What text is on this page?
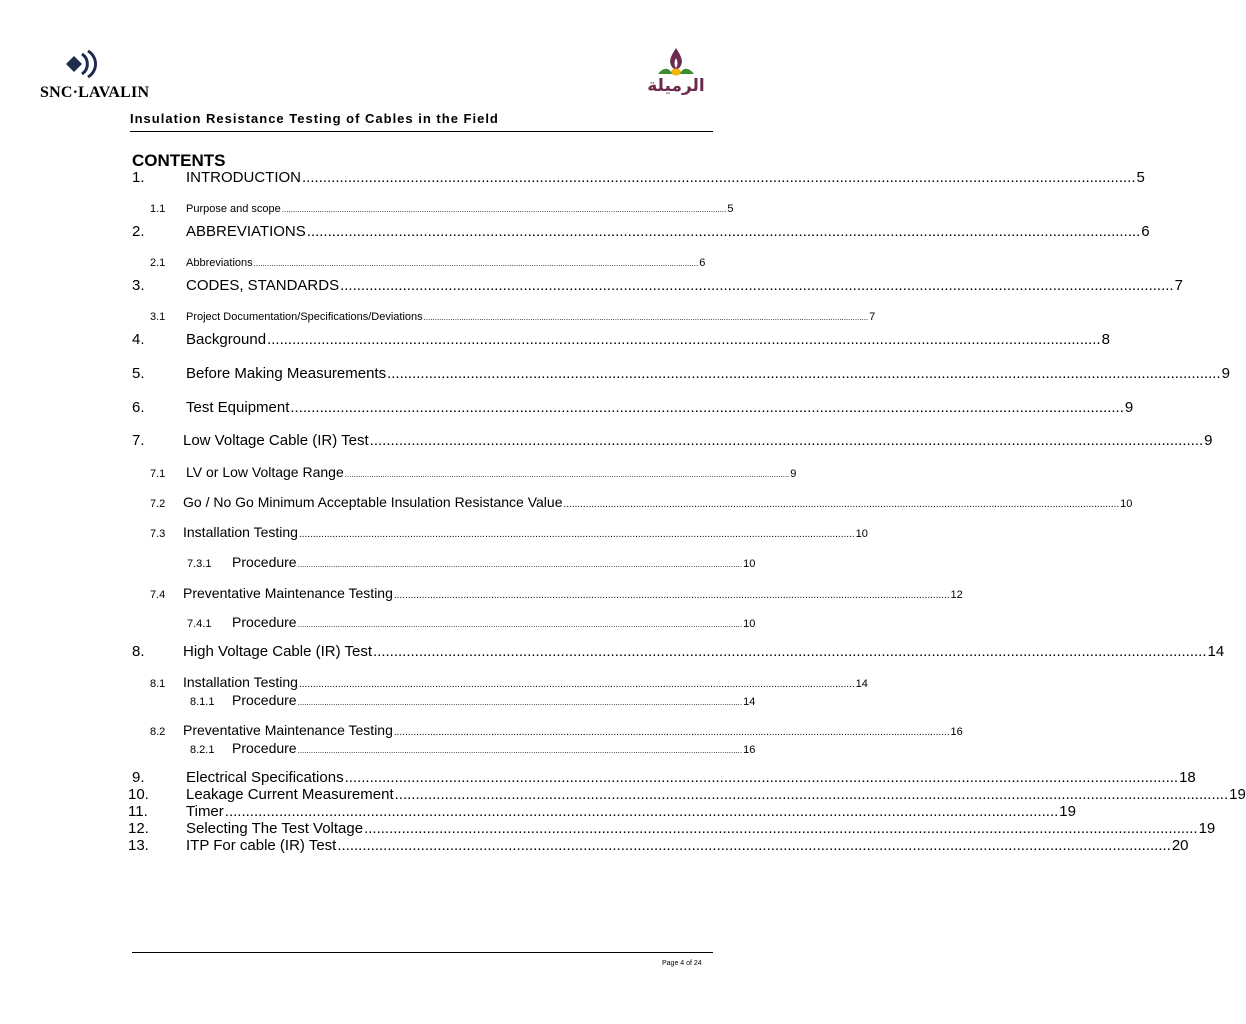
SNC·LAVALIN	الرميلة
Insulation Resistance Testing of Cables in the Field
CONTENTS
1.	INTRODUCTION ........................................................................................................................................................................................................ 5
1.1	Purpose and scope ........................................................................................................................................................................................................ 5
2.	ABBREVIATIONS ........................................................................................................................................................................................................ 6
2.1	Abbreviations ........................................................................................................................................................................................................ 6
3.	CODES, STANDARDS ........................................................................................................................................................................................................ 7
3.1	Project Documentation/Specifications/Deviations ........................................................................................................................................................................................................ 7
4.	Background ........................................................................................................................................................................................................ 8
5.	Before Making Measurements ........................................................................................................................................................................................................ 9
6.	Test Equipment ........................................................................................................................................................................................................ 9
7.	Low Voltage Cable (IR) Test ........................................................................................................................................................................................................ 9
7.1	LV or Low Voltage Range ........................................................................................................................................................................................................ 9
7.2	Go / No Go Minimum Acceptable Insulation Resistance Value ........................................................................................................................................................................................................ 10
7.3	Installation Testing ........................................................................................................................................................................................................ 10
7.3.1	Procedure ........................................................................................................................................................................................................ 10
7.4	Preventative Maintenance Testing ........................................................................................................................................................................................................ 12
7.4.1	Procedure ........................................................................................................................................................................................................ 10
8.	High Voltage Cable (IR) Test ........................................................................................................................................................................................................ 14
8.1	Installation Testing ........................................................................................................................................................................................................ 14
8.1.1	Procedure ........................................................................................................................................................................................................ 14
8.2	Preventative Maintenance Testing ........................................................................................................................................................................................................ 16
8.2.1	Procedure ........................................................................................................................................................................................................ 16
9.	Electrical Specifications ........................................................................................................................................................................................................ 18
10.	Leakage Current Measurement ........................................................................................................................................................................................................ 19
11.	Timer ........................................................................................................................................................................................................ 19
12.	Selecting The Test Voltage ........................................................................................................................................................................................................ 19
13.	ITP For cable (IR) Test ........................................................................................................................................................................................................ 20
Page 4 of 24
